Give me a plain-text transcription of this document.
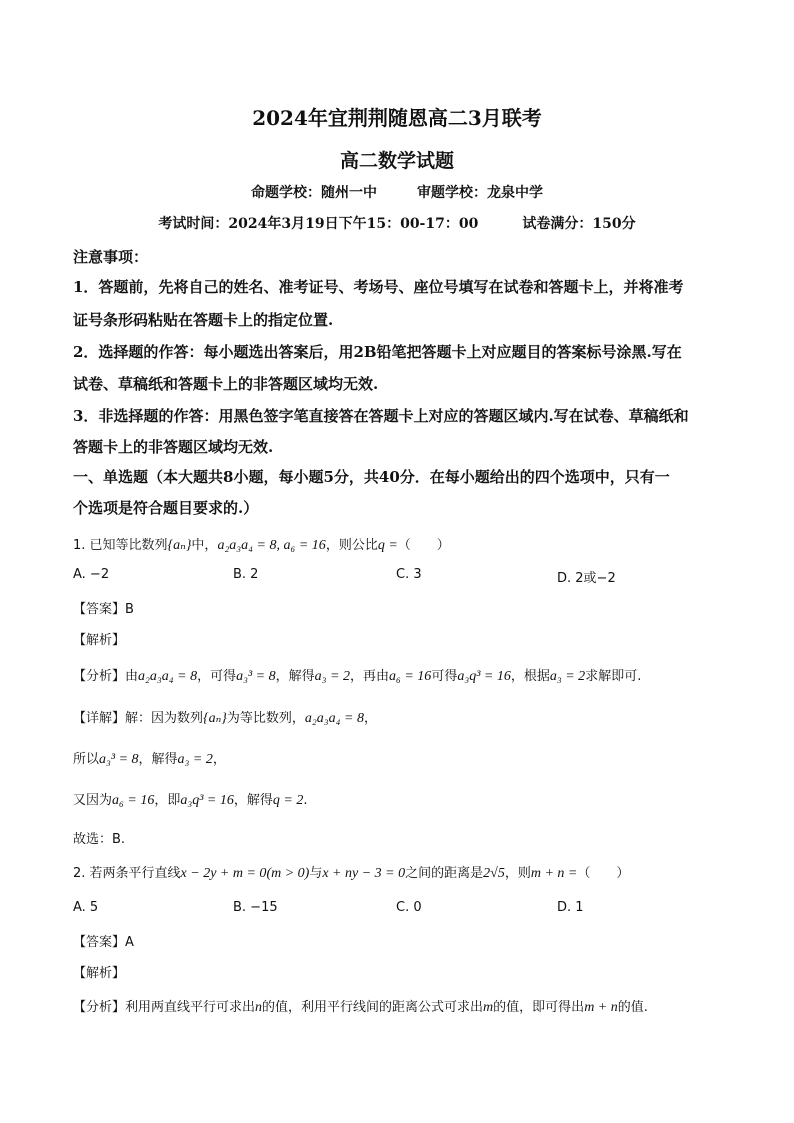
2024年宜荆荆随恩高二3月联考
高二数学试题
命题学校：随州一中	审题学校：龙泉中学
考试时间：2024年3月19日下午15：00-17：00	试卷满分：150分
注意事项：
1．答题前，先将自己的姓名、准考证号、考场号、座位号填写在试卷和答题卡上，并将准考
证号条形码粘贴在答题卡上的指定位置.
2．选择题的作答：每小题选出答案后，用2B铅笔把答题卡上对应题目的答案标号涂黑.写在
试卷、草稿纸和答题卡上的非答题区域均无效.
3．非选择题的作答：用黑色签字笔直接答在答题卡上对应的答题区域内.写在试卷、草稿纸和
答题卡上的非答题区域均无效.
一、单选题（本大题共8小题，每小题5分，共40分．在每小题给出的四个选项中，只有一
个选项是符合题目要求的.）
1. 已知等比数列{aₙ}中，a₂a₃a₄ = 8, a₆ = 16，则公比q =（　　）
A. −2	B. 2	C. 3	D. 2或−2
【答案】B
【解析】
【分析】由a₂a₃a₄ = 8，可得a₃³ = 8，解得a₃ = 2，再由a₆ = 16可得a₃q³ = 16，根据a₃ = 2求解即可.
【详解】解：因为数列{aₙ}为等比数列，a₂a₃a₄ = 8，
所以a₃³ = 8，解得a₃ = 2，
又因为a₆ = 16，即a₃q³ = 16，解得q = 2.
故选：B.
2. 若两条平行直线x − 2y + m = 0(m > 0)与x + ny − 3 = 0之间的距离是2√5，则m + n =（　　）
A. 5	B. −15	C. 0	D. 1
【答案】A
【解析】
【分析】利用两直线平行可求出n的值，利用平行线间的距离公式可求出m的值，即可得出m + n的值.
